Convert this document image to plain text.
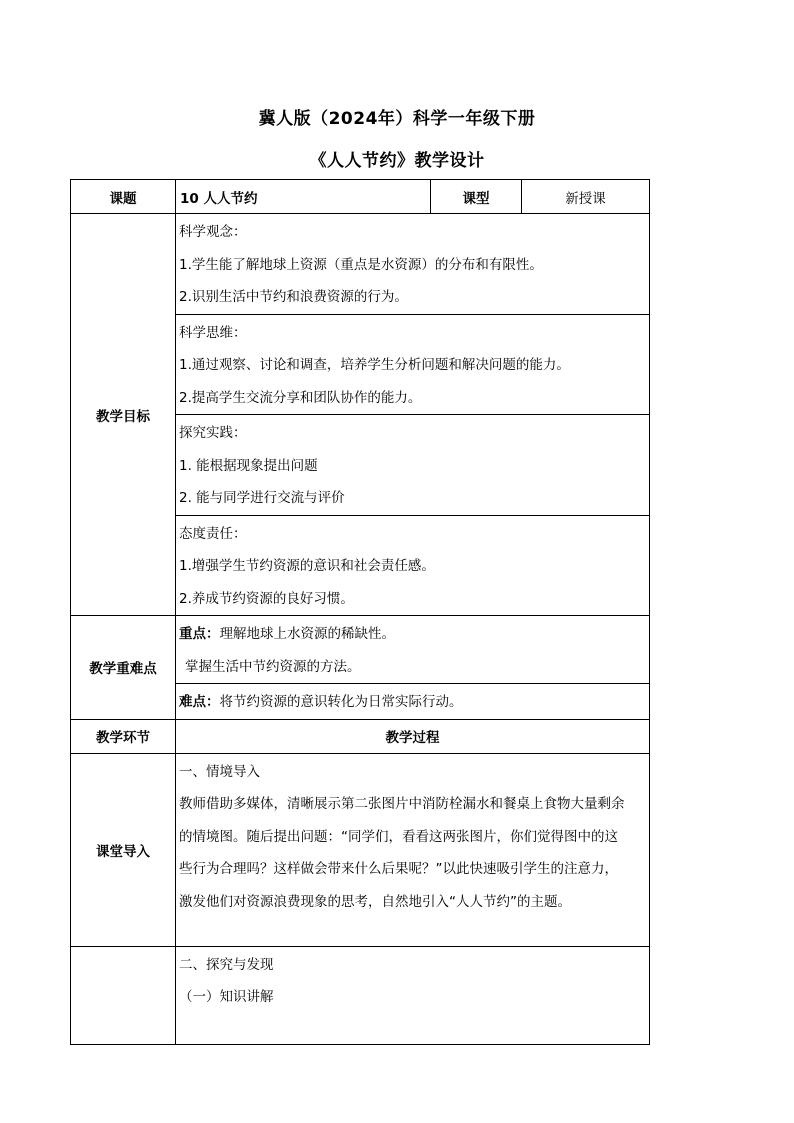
冀人版（2024年）科学一年级下册
《人人节约》教学设计
课题	10 人人节约	课型	新授课
教学目标	科学观念：
1.学生能了解地球上资源（重点是水资源）的分布和有限性。
2.识别生活中节约和浪费资源的行为。		

	科学思维：
1.通过观察、讨论和调查，培养学生分析问题和解决问题的能力。
2.提高学生交流分享和团队协作的能力。		

	探究实践：
1. 能根据现象提出问题
2. 能与同学进行交流与评价		

	态度责任：
1.增强学生节约资源的意识和社会责任感。
2.养成节约资源的良好习惯。		

教学重难点	重点：理解地球上水资源的稀缺性。
掌握生活中节约资源的方法。		

	难点：将节约资源的意识转化为日常实际行动。		

教学环节	教学过程		
课堂导入	一、情境导入
教师借助多媒体，清晰展示第二张图片中消防栓漏水和餐桌上食物大量剩余的情境图。随后提出问题：“同学们，看看这两张图片，你们觉得图中的这些行为合理吗？这样做会带来什么后果呢？”以此快速吸引学生的注意力，激发他们对资源浪费现象的思考，自然地引入“人人节约”的主题。		

	二、探究与发现
（一）知识讲解		
